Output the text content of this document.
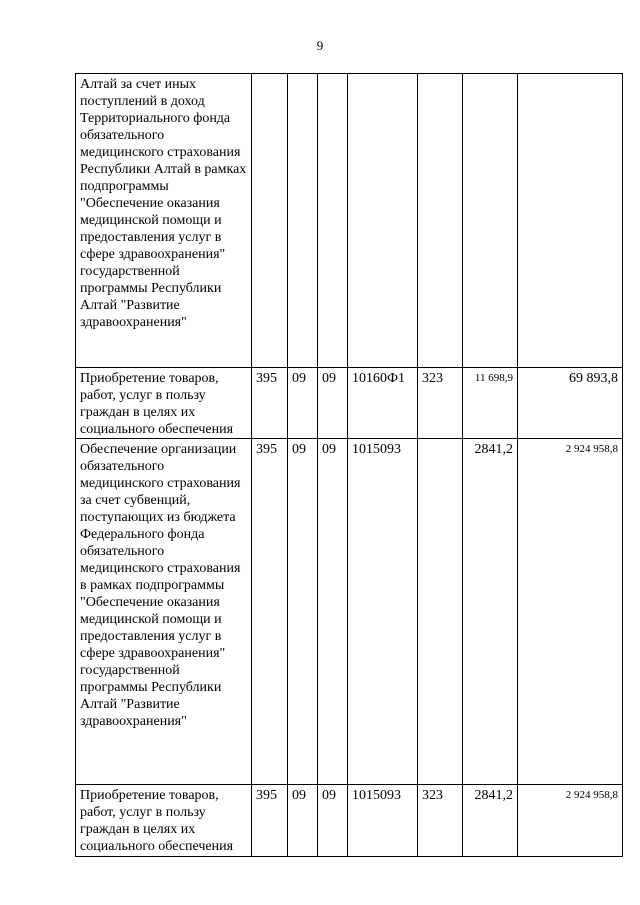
9
Алтай за счет иных поступлений в доход Территориального фонда обязательного медицинского страхования Республики Алтай в рамках подпрограммы "Обеспечение оказания медицинской помощи и предоставления услуг в сфере здравоохранения" государственной программы Республики Алтай "Развитие здравоохранения"							
Приобретение товаров, работ, услуг в пользу граждан в целях их социального обеспечения	395	09	09	10160Ф1	323	11 698,9	69 893,8
Обеспечение организации обязательного медицинского страхования за счет субвенций, поступающих из бюджета Федерального фонда обязательного медицинского страхования в рамках подпрограммы "Обеспечение оказания медицинской помощи и предоставления услуг в сфере здравоохранения" государственной программы Республики Алтай "Развитие здравоохранения"	395	09	09	1015093		2841,2	2 924 958,8
Приобретение товаров, работ, услуг в пользу граждан в целях их социального обеспечения	395	09	09	1015093	323	2841,2	2 924 958,8
